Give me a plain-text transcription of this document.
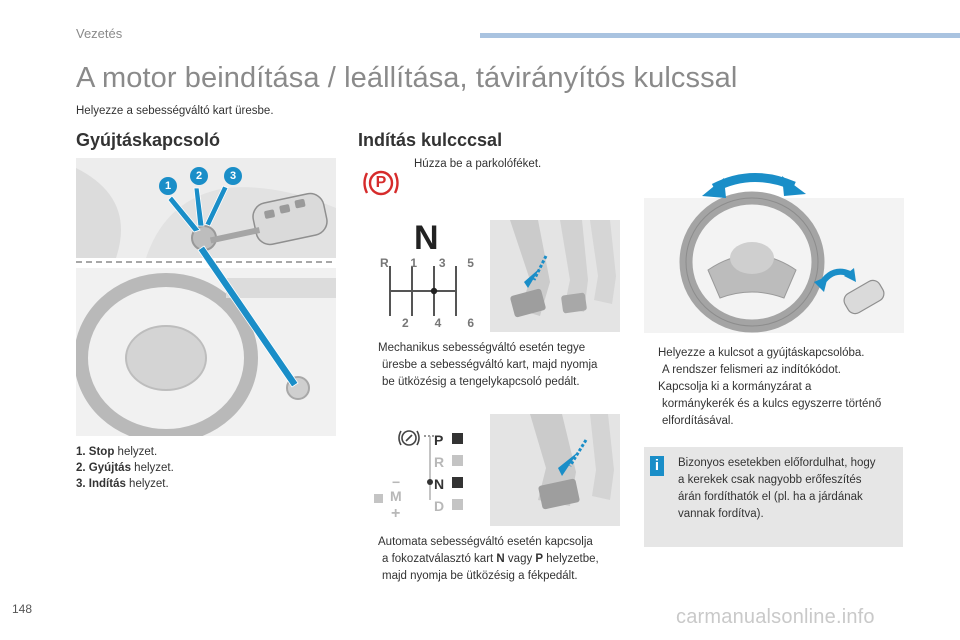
Vezetés
A motor beindítása / leállítása, távirányítós kulcssal
Helyezze a sebességváltó kart üresbe.
Gyújtáskapcsoló
1
2	3
1. Stop helyzet.
2. Gyújtás helyzet.
3. Indítás helyzet.
Indítás kulcccsal
P
Húzza be a parkolóféket.
N
R 1 3 5
2 4 6
Mechanikus sebességváltó esetén tegye
üresbe a sebességváltó kart, majd nyomja
be ütközésig a tengelykapcsoló pedált.
P
R
N
D
M
−
+
Automata sebességváltó esetén kapcsolja
a fokozatválasztó kart N vagy P helyzetbe,
majd nyomja be ütközésig a fékpedált.
Helyezze a kulcsot a gyújtáskapcsolóba.
A rendszer felismeri az indítókódot.
Kapcsolja ki a kormányzárat a
kormánykerék és a kulcs egyszerre történő
elfordításával.
i	Bizonyos esetekben előfordulhat, hogy
a kerekek csak nagyobb erőfeszítés
árán fordíthatók el (pl. ha a járdának
vannak fordítva).
148	carmanualsonline.info
